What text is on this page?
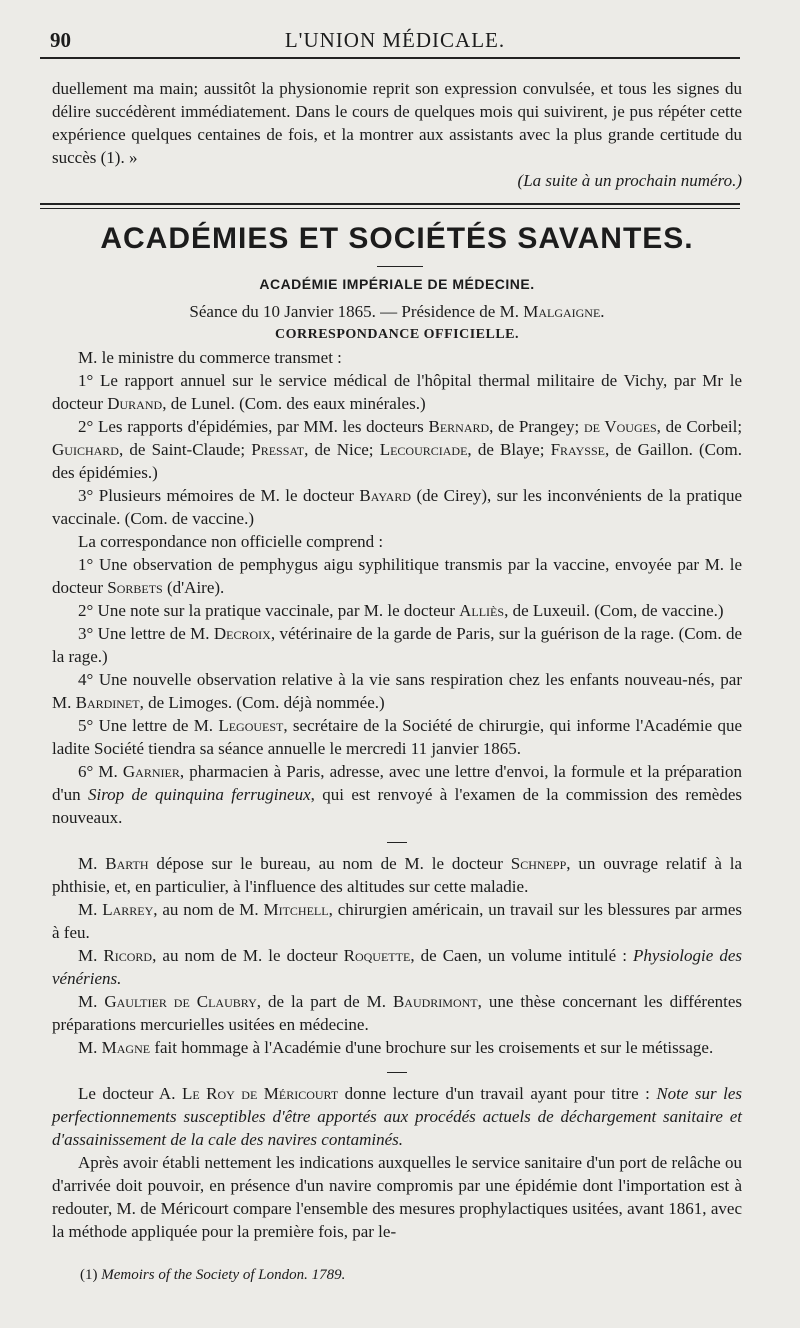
90	L'UNION MÉDICALE.

duellement ma main; aussitôt la physionomie reprit son expression convulsée, et tous les signes du délire succédèrent immédiatement. Dans le cours de quelques mois qui suivirent, je pus répéter cette expérience quelques centaines de fois, et la montrer aux assistants avec la plus grande certitude du succès (1). »

(La suite à un prochain numéro.)

ACADÉMIES ET SOCIÉTÉS SAVANTES.
ACADÉMIE IMPÉRIALE DE MÉDECINE.

Séance du 10 Janvier 1865. — Présidence de M. Malgaigne.

CORRESPONDANCE OFFICIELLE.

M. le ministre du commerce transmet :

1° Le rapport annuel sur le service médical de l'hôpital thermal militaire de Vichy, par Mr le docteur Durand, de Lunel. (Com. des eaux minérales.)

2° Les rapports d'épidémies, par MM. les docteurs Bernard, de Prangey; de Vouges, de Corbeil; Guichard, de Saint-Claude; Pressat, de Nice; Lecourciade, de Blaye; Fraysse, de Gaillon. (Com. des épidémies.)

3° Plusieurs mémoires de M. le docteur Bayard (de Cirey), sur les inconvénients de la pratique vaccinale. (Com. de vaccine.)

La correspondance non officielle comprend :

1° Une observation de pemphygus aigu syphilitique transmis par la vaccine, envoyée par M. le docteur Sorbets (d'Aire).

2° Une note sur la pratique vaccinale, par M. le docteur Alliès, de Luxeuil. (Com, de vaccine.)

3° Une lettre de M. Decroix, vétérinaire de la garde de Paris, sur la guérison de la rage. (Com. de la rage.)

4° Une nouvelle observation relative à la vie sans respiration chez les enfants nouveau-nés, par M. Bardinet, de Limoges. (Com. déjà nommée.)

5° Une lettre de M. Legouest, secrétaire de la Société de chirurgie, qui informe l'Académie que ladite Société tiendra sa séance annuelle le mercredi 11 janvier 1865.

6° M. Garnier, pharmacien à Paris, adresse, avec une lettre d'envoi, la formule et la préparation d'un Sirop de quinquina ferrugineux, qui est renvoyé à l'examen de la commission des remèdes nouveaux.

M. Barth dépose sur le bureau, au nom de M. le docteur Schnepp, un ouvrage relatif à la phthisie, et, en particulier, à l'influence des altitudes sur cette maladie.

M. Larrey, au nom de M. Mitchell, chirurgien américain, un travail sur les blessures par armes à feu.

M. Ricord, au nom de M. le docteur Roquette, de Caen, un volume intitulé : Physiologie des vénériens.

M. Gaultier de Claubry, de la part de M. Baudrimont, une thèse concernant les différentes préparations mercurielles usitées en médecine.

M. Magne fait hommage à l'Académie d'une brochure sur les croisements et sur le métissage.

Le docteur A. Le Roy de Méricourt donne lecture d'un travail ayant pour titre : Note sur les perfectionnements susceptibles d'être apportés aux procédés actuels de déchargement sanitaire et d'assainissement de la cale des navires contaminés.

Après avoir établi nettement les indications auxquelles le service sanitaire d'un port de relâche ou d'arrivée doit pouvoir, en présence d'un navire compromis par une épidémie dont l'importation est à redouter, M. de Méricourt compare l'ensemble des mesures prophylactiques usitées, avant 1861, avec la méthode appliquée pour la première fois, par le-

(1) Memoirs of the Society of London. 1789.
